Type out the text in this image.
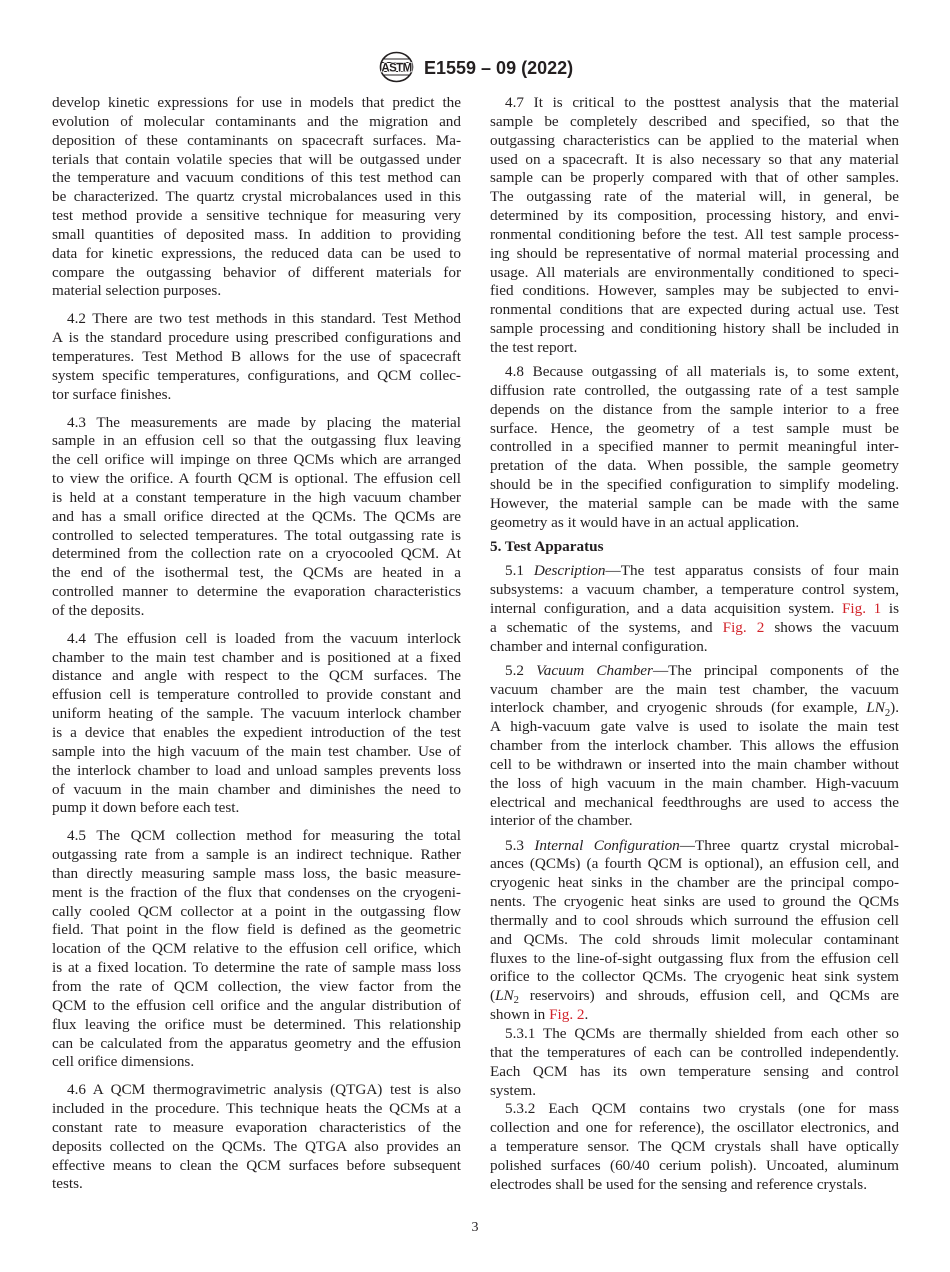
ASTM E1559 – 09 (2022)
develop kinetic expressions for use in models that predict the
evolution of molecular contaminants and the migration and
deposition of these contaminants on spacecraft surfaces. Ma-
terials that contain volatile species that will be outgassed under
the temperature and vacuum conditions of this test method can
be characterized. The quartz crystal microbalances used in this
test method provide a sensitive technique for measuring very
small quantities of deposited mass. In addition to providing
data for kinetic expressions, the reduced data can be used to
compare the outgassing behavior of different materials for
material selection purposes.
4.2 There are two test methods in this standard. Test Method
A is the standard procedure using prescribed configurations and
temperatures. Test Method B allows for the use of spacecraft
system specific temperatures, configurations, and QCM collec-
tor surface finishes.
4.3 The measurements are made by placing the material
sample in an effusion cell so that the outgassing flux leaving
the cell orifice will impinge on three QCMs which are arranged
to view the orifice. A fourth QCM is optional. The effusion cell
is held at a constant temperature in the high vacuum chamber
and has a small orifice directed at the QCMs. The QCMs are
controlled to selected temperatures. The total outgassing rate is
determined from the collection rate on a cryocooled QCM. At
the end of the isothermal test, the QCMs are heated in a
controlled manner to determine the evaporation characteristics
of the deposits.
4.4 The effusion cell is loaded from the vacuum interlock
chamber to the main test chamber and is positioned at a fixed
distance and angle with respect to the QCM surfaces. The
effusion cell is temperature controlled to provide constant and
uniform heating of the sample. The vacuum interlock chamber
is a device that enables the expedient introduction of the test
sample into the high vacuum of the main test chamber. Use of
the interlock chamber to load and unload samples prevents loss
of vacuum in the main chamber and diminishes the need to
pump it down before each test.
4.5 The QCM collection method for measuring the total
outgassing rate from a sample is an indirect technique. Rather
than directly measuring sample mass loss, the basic measure-
ment is the fraction of the flux that condenses on the cryogeni-
cally cooled QCM collector at a point in the outgassing flow
field. That point in the flow field is defined as the geometric
location of the QCM relative to the effusion cell orifice, which
is at a fixed location. To determine the rate of sample mass loss
from the rate of QCM collection, the view factor from the
QCM to the effusion cell orifice and the angular distribution of
flux leaving the orifice must be determined. This relationship
can be calculated from the apparatus geometry and the effusion
cell orifice dimensions.
4.6 A QCM thermogravimetric analysis (QTGA) test is also
included in the procedure. This technique heats the QCMs at a
constant rate to measure evaporation characteristics of the
deposits collected on the QCMs. The QTGA also provides an
effective means to clean the QCM surfaces before subsequent
tests.
4.7 It is critical to the posttest analysis that the material
sample be completely described and specified, so that the
outgassing characteristics can be applied to the material when
used on a spacecraft. It is also necessary so that any material
sample can be properly compared with that of other samples.
The outgassing rate of the material will, in general, be
determined by its composition, processing history, and envi-
ronmental conditioning before the test. All test sample process-
ing should be representative of normal material processing and
usage. All materials are environmentally conditioned to speci-
fied conditions. However, samples may be subjected to envi-
ronmental conditions that are expected during actual use. Test
sample processing and conditioning history shall be included in
the test report.
4.8 Because outgassing of all materials is, to some extent,
diffusion rate controlled, the outgassing rate of a test sample
depends on the distance from the sample interior to a free
surface. Hence, the geometry of a test sample must be
controlled in a specified manner to permit meaningful inter-
pretation of the data. When possible, the sample geometry
should be in the specified configuration to simplify modeling.
However, the material sample can be made with the same
geometry as it would have in an actual application.
5. Test Apparatus
5.1 Description—The test apparatus consists of four main
subsystems: a vacuum chamber, a temperature control system,
internal configuration, and a data acquisition system. Fig. 1 is
a schematic of the systems, and Fig. 2 shows the vacuum
chamber and internal configuration.
5.2 Vacuum Chamber—The principal components of the
vacuum chamber are the main test chamber, the vacuum
interlock chamber, and cryogenic shrouds (for example, $LN_2$).
A high-vacuum gate valve is used to isolate the main test
chamber from the interlock chamber. This allows the effusion
cell to be withdrawn or inserted into the main chamber without
the loss of high vacuum in the main chamber. High-vacuum
electrical and mechanical feedthroughs are used to access the
interior of the chamber.
5.3 Internal Configuration—Three quartz crystal microbal-
ances (QCMs) (a fourth QCM is optional), an effusion cell, and
cryogenic heat sinks in the chamber are the principal compo-
nents. The cryogenic heat sinks are used to ground the QCMs
thermally and to cool shrouds which surround the effusion cell
and QCMs. The cold shrouds limit molecular contaminant
fluxes to the line-of-sight outgassing flux from the effusion cell
orifice to the collector QCMs. The cryogenic heat sink system
($LN_2$ reservoirs) and shrouds, effusion cell, and QCMs are
shown in Fig. 2.
5.3.1 The QCMs are thermally shielded from each other so
that the temperatures of each can be controlled independently.
Each QCM has its own temperature sensing and control
system.
5.3.2 Each QCM contains two crystals (one for mass
collection and one for reference), the oscillator electronics, and
a temperature sensor. The QCM crystals shall have optically
polished surfaces (60/40 cerium polish). Uncoated, aluminum
electrodes shall be used for the sensing and reference crystals.
3
